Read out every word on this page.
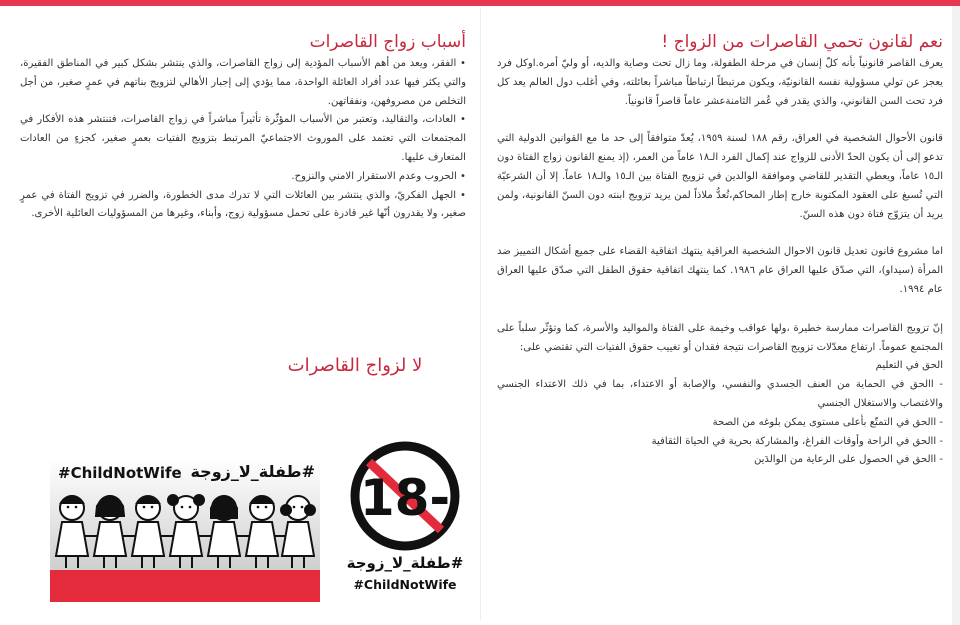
نعم لقانون تحمي القاصرات من الزواج !
يعرف القاصر قانونياً بأنه كلّ إنسان في مرحلة الطفولة، وما زال تحت وصاية والديه، أو وليّ أمره.اوكل فرد يعجز عن تولي مسؤولية نفسه القانونيّة، ويكون مرتبطاً ارتباطاً مباشراً بعائلته، وفي أغلب دول العالم يعد كل فرد تحت السن القانوني، والذي يقدر في عُمر الثامنةعشر عاماً قاصراً قانونياً.
قانون الأحوال الشخصية في العراق، رقم ١٨٨ لسنة ١٩٥٩، يُعدّ متوافقاً إلى حد ما مع القوانين الدولية التي تدعو إلى أن يكون الحدّ الأدنى للزواج عند إكمال الفرد الـ١٨ عاماً من العمر، (إذ يمنع القانون زواج الفتاة دون الـ١٥ عاماً، ويعطي التقدير للقاضي وموافقة الوالدين في تزويج الفتاة بين الـ١٥ والـ١٨ عاماً. إلا أن الشرعيّة التي تُسبغ على العقود المكتوبة خارج إطار المحاكم،تُعدُّ ملاذاً لمن يريد تزويج ابنته دون السنّ القانونية، ولمن يريد أن يتزوّج فتاة دون هذه السنّ.
اما مشروع قانون تعديل قانون الاحوال الشخصية العراقية ينتهك اتفاقية القضاء على جميع أشكال التمييز ضد المرأة (سيداو)، التي صدّق عليها العراق عام ١٩٨٦. كما ينتهك اتفاقية حقوق الطفل التي صدّق عليها العراق عام ١٩٩٤.
إنّ تزويج القاصرات ممارسة خطيرة ،ولها عواقب وخيمة على الفتاة والمواليد والأسرة، كما وتؤثّر سلباً على المجتمع عموماً. ارتفاع معدّلات تزويج القاصرات نتيجة فقدان أو تغييب حقوق الفتيات التي تقتضي على:
الحق في التعليم
- االحق في الحماية من العنف الجسدي والنفسي، والإصابة أو الاعتداء، بما في ذلك الاعتداء الجنسي والاغتصاب والاستغلال الجنسي
- االحق في التمتّع بأعلى مستوى يمكن بلوغه من الصحة
- االحق في الراحة وأوقات الفراغ، والمشاركة بحرية في الحياة الثقافية
- االحق في الحصول على الرعاية من الوالدَين
أسباب زواج القاصرات
• الفقر، ويعد من أهم الأسباب المؤدية إلى زواج القاصرات، والذي ينتشر بشكل كبير في المناطق الفقيرة، والتي يكثر فيها عدد أفراد العائلة الواحدة، مما يؤدي إلى إجبار الأهالي لتزويج بناتهم في عمرٍ صغير، من أجل التخلص من مصروفهن، ونفقاتهن.
• العادات، والتقاليد، وتعتبر من الأسباب المؤثّرة تأثيراً مباشراً في زواج القاصرات، فتنتشر هذه الأفكار في المجتمعات التي تعتمد على الموروث الاجتماعيّ المرتبط بتزويج الفتيات بعمرٍ صغير، كجزءٍ من العادات المتعارف عليها.
• الحروب وعدم الاستقرار الامني والنزوح.
• الجهل الفكريّ، والذي ينتشر بين العائلات التي لا تدرك مدى الخطورة، والضرر في تزويج الفتاة في عمرٍ صغير، ولا يقدرون أنّها غير قادرة على تحمل مسؤولية زوج، وأبناء، وغيرها من المسؤوليات العائلية الأخرى.
لا لزواج القاصرات
#ChildNotWife #طفلة_لا_زوجة 18-
#طفلة_لا_زوجة
#ChildNotWife
